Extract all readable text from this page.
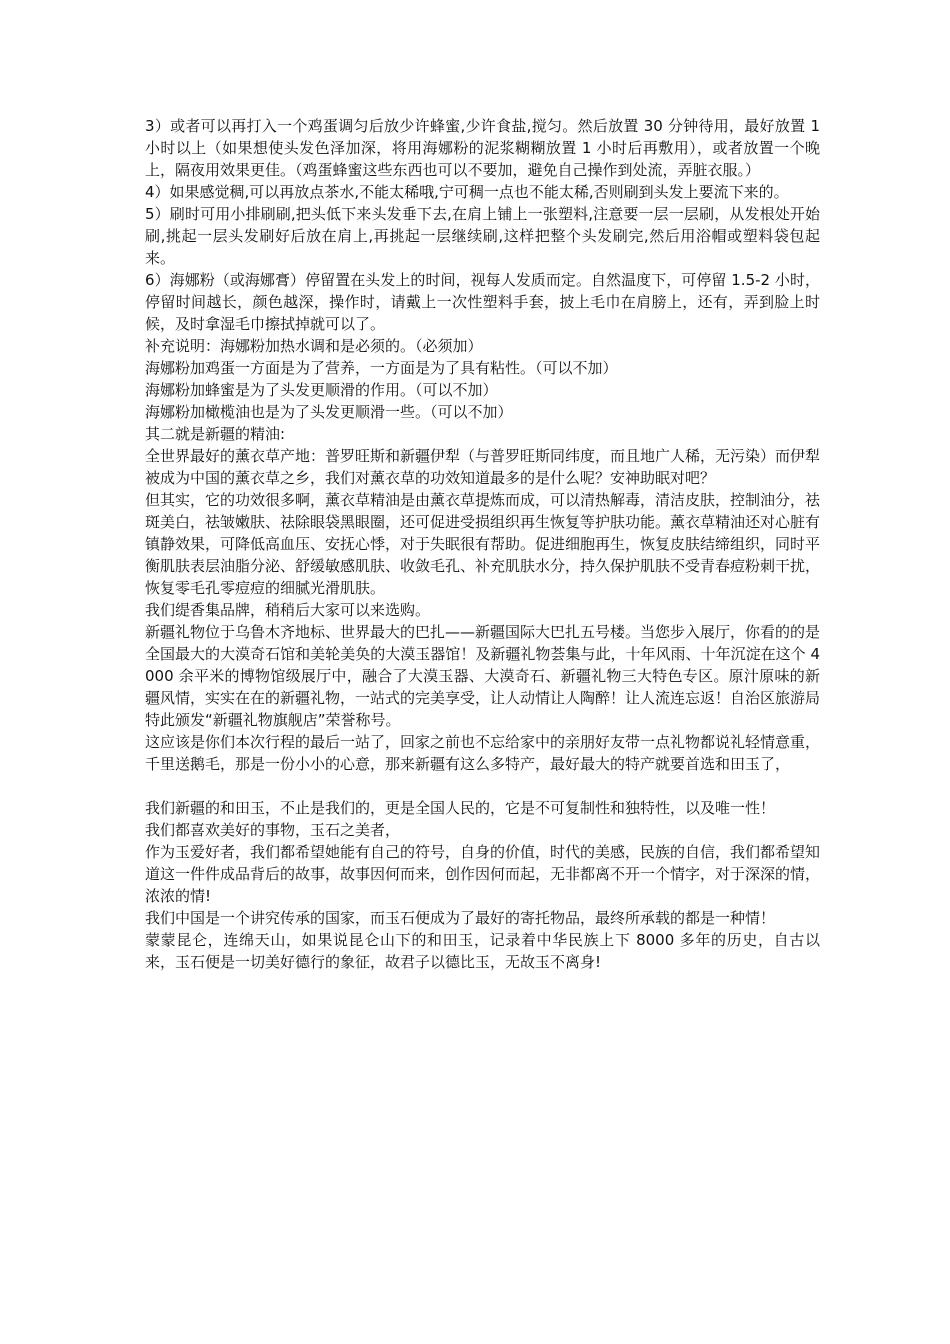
3）或者可以再打入一个鸡蛋调匀后放少许蜂蜜,少许食盐,搅匀。然后放置 30 分钟待用，最好放置 1 小时以上（如果想使头发色泽加深，将用海娜粉的泥浆糊糊放置 1 小时后再敷用），或者放置一个晚上，隔夜用效果更佳。（鸡蛋蜂蜜这些东西也可以不要加，避免自己操作到处流，弄脏衣服。）

4）如果感觉稠,可以再放点茶水,不能太稀哦,宁可稠一点也不能太稀,否则刷到头发上要流下来的。

5）刷时可用小排刷刷,把头低下来头发垂下去,在肩上铺上一张塑料,注意要一层一层刷，从发根处开始刷,挑起一层头发刷好后放在肩上,再挑起一层继续刷,这样把整个头发刷完,然后用浴帽或塑料袋包起来。

6）海娜粉（或海娜膏）停留置在头发上的时间，视每人发质而定。自然温度下，可停留 1.5-2 小时，停留时间越长，颜色越深，操作时，请戴上一次性塑料手套，披上毛巾在肩膀上，还有，弄到脸上时候，及时拿湿毛巾擦拭掉就可以了。

补充说明：海娜粉加热水调和是必须的。（必须加）

海娜粉加鸡蛋一方面是为了营养，一方面是为了具有粘性。（可以不加）

海娜粉加蜂蜜是为了头发更顺滑的作用。（可以不加）

海娜粉加橄榄油也是为了头发更顺滑一些。（可以不加）

其二就是新疆的精油:

全世界最好的薰衣草产地：普罗旺斯和新疆伊犁（与普罗旺斯同纬度，而且地广人稀，无污染）而伊犁被成为中国的薰衣草之乡，我们对薰衣草的功效知道最多的是什么呢？安神助眠对吧？

但其实，它的功效很多啊，薰衣草精油是由薰衣草提炼而成，可以清热解毒，清洁皮肤，控制油分，祛斑美白，祛皱嫩肤、祛除眼袋黑眼圈，还可促进受损组织再生恢复等护肤功能。薰衣草精油还对心脏有镇静效果，可降低高血压、安抚心悸，对于失眠很有帮助。促进细胞再生，恢复皮肤结缔组织，同时平衡肌肤表层油脂分泌、舒缓敏感肌肤、收敛毛孔、补充肌肤水分，持久保护肌肤不受青春痘粉刺干扰，恢复零毛孔零痘痘的细腻光滑肌肤。

我们缇香集品牌，稍稍后大家可以来选购。

新疆礼物位于乌鲁木齐地标、世界最大的巴扎——新疆国际大巴扎五号楼。当您步入展厅，你看的的是全国最大的大漠奇石馆和美轮美奂的大漠玉器馆！及新疆礼物荟集与此，十年风雨、十年沉淀在这个 4000 余平米的博物馆级展厅中，融合了大漠玉器、大漠奇石、新疆礼物三大特色专区。原汁原味的新疆风情，实实在在的新疆礼物，一站式的完美享受，让人动情让人陶醉！让人流连忘返！自治区旅游局特此颁发“新疆礼物旗舰店”荣誉称号。

这应该是你们本次行程的最后一站了，回家之前也不忘给家中的亲朋好友带一点礼物都说礼轻情意重，千里送鹅毛，那是一份小小的心意，那来新疆有这么多特产，最好最大的特产就要首选和田玉了，

我们新疆的和田玉，不止是我们的，更是全国人民的，它是不可复制性和独特性，以及唯一性！

我们都喜欢美好的事物，玉石之美者，

作为玉爱好者，我们都希望她能有自己的符号，自身的价值，时代的美感，民族的自信，我们都希望知道这一件件成品背后的故事，故事因何而来，创作因何而起，无非都离不开一个情字，对于深深的情，浓浓的情!

我们中国是一个讲究传承的国家，而玉石便成为了最好的寄托物品，最终所承载的都是一种情！

蒙蒙昆仑，连绵天山，如果说昆仑山下的和田玉，记录着中华民族上下 8000 多年的历史，自古以来，玉石便是一切美好德行的象征，故君子以德比玉，无故玉不离身!
